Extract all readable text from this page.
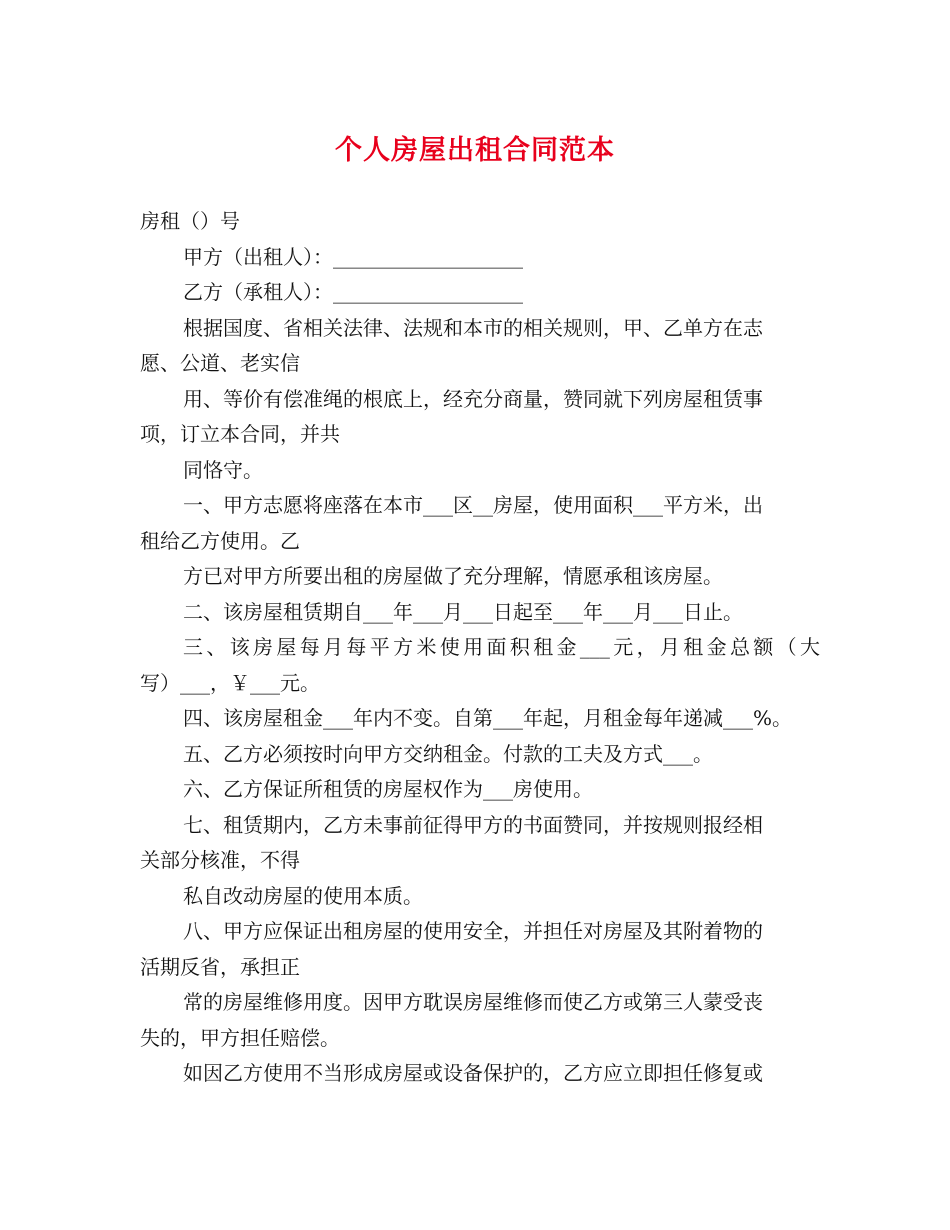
个人房屋出租合同范本
房租（）号
甲方（出租人）：___________________
乙方（承租人）：___________________
根据国度、省相关法律、法规和本市的相关规则，甲、乙单方在志
愿、公道、老实信
用、等价有偿准绳的根底上，经充分商量，赞同就下列房屋租赁事
项，订立本合同，并共
同恪守。
一、甲方志愿将座落在本市___区__房屋，使用面积___平方米，出
租给乙方使用。乙
方已对甲方所要出租的房屋做了充分理解，情愿承租该房屋。
二、该房屋租赁期自___年___月___日起至___年___月___日止。
三、该房屋每月每平方米使用面积租金___元，月租金总额（大
写）___，￥___元。
四、该房屋租金___年内不变。自第___年起，月租金每年递减___%。
五、乙方必须按时向甲方交纳租金。付款的工夫及方式___。
六、乙方保证所租赁的房屋权作为___房使用。
七、租赁期内，乙方未事前征得甲方的书面赞同，并按规则报经相
关部分核准，不得
私自改动房屋的使用本质。
八、甲方应保证出租房屋的使用安全，并担任对房屋及其附着物的
活期反省，承担正
常的房屋维修用度。因甲方耽误房屋维修而使乙方或第三人蒙受丧
失的，甲方担任赔偿。
如因乙方使用不当形成房屋或设备保护的，乙方应立即担任修复或
